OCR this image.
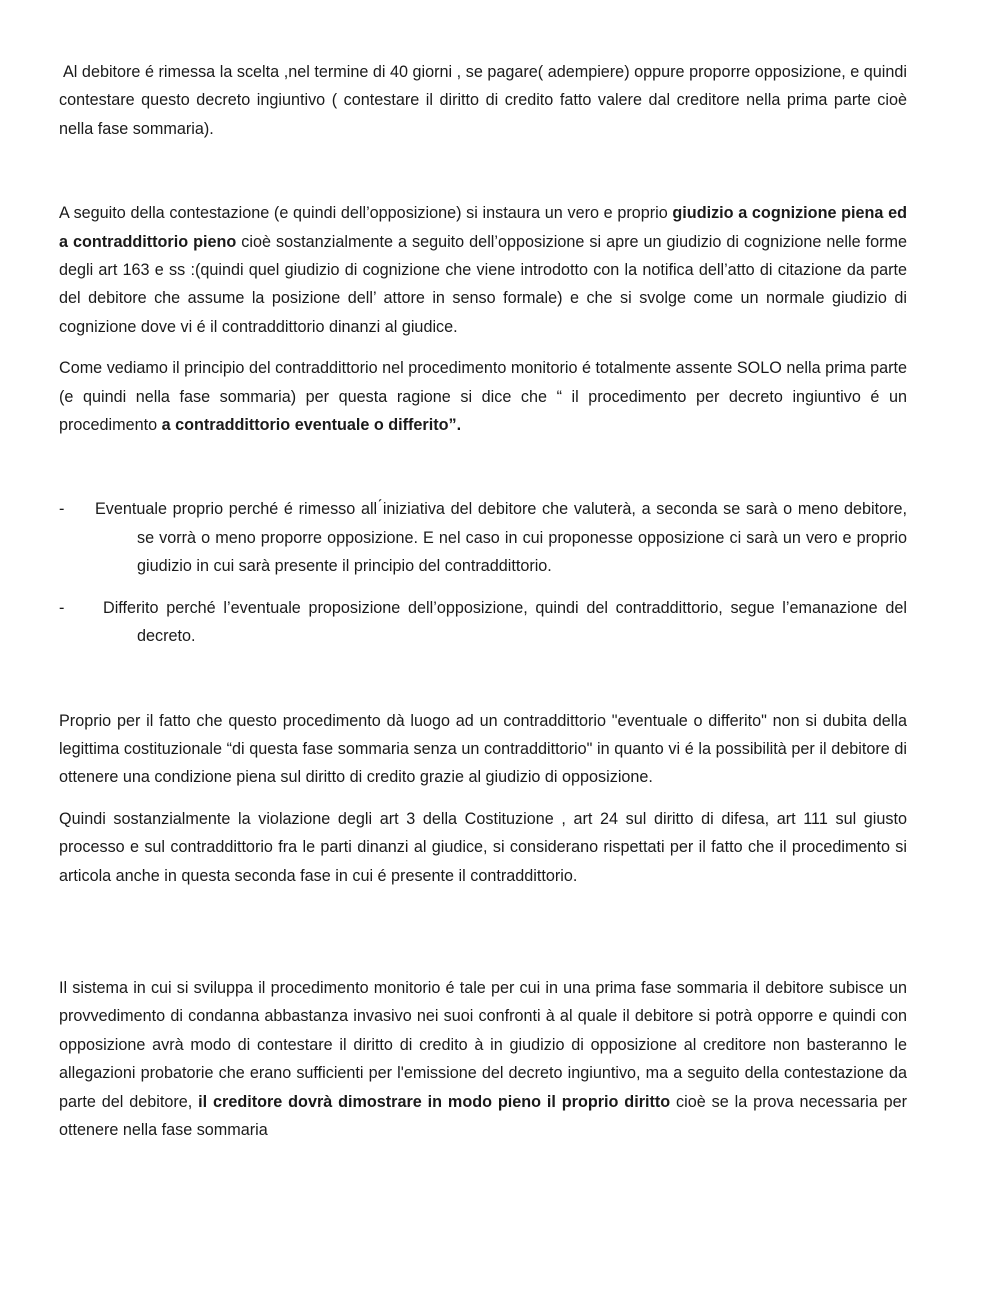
Al debitore é rimessa la scelta ,nel termine di 40 giorni , se pagare( adempiere) oppure proporre opposizione, e quindi contestare questo decreto ingiuntivo ( contestare il diritto di credito fatto valere dal creditore nella prima parte cioè nella fase sommaria).

A seguito della contestazione (e quindi dell’opposizione) si instaura un vero e proprio giudizio a cognizione piena ed a contraddittorio pieno cioè sostanzialmente a seguito dell’opposizione si apre un giudizio di cognizione nelle forme degli art 163 e ss :(quindi quel giudizio di cognizione che viene introdotto con la notifica dell’atto di citazione da parte del debitore che assume la posizione dell’ attore in senso formale) e che si svolge come un normale giudizio di cognizione dove vi é il contraddittorio dinanzi al giudice.

Come vediamo il principio del contraddittorio nel procedimento monitorio é totalmente assente SOLO nella prima parte (e quindi nella fase sommaria) per questa ragione si dice che “ il procedimento per decreto ingiuntivo é un procedimento a contraddittorio eventuale o differito”.

- Eventuale proprio perché é rimesso all ́iniziativa del debitore che valuterà, a seconda se sarà o meno debitore, se vorrà o meno proporre opposizione. E nel caso in cui proponesse opposizione ci sarà un vero e proprio giudizio in cui sarà presente il principio del contraddittorio.
- Differito perché l’eventuale proposizione dell’opposizione, quindi del contraddittorio, segue l’emanazione del decreto.

Proprio per il fatto che questo procedimento dà luogo ad un contraddittorio "eventuale o differito" non si dubita della legittima costituzionale “di questa fase sommaria senza un contraddittorio" in quanto vi é la possibilità per il debitore di ottenere una condizione piena sul diritto di credito grazie al giudizio di opposizione.

Quindi sostanzialmente la violazione degli art 3 della Costituzione , art 24 sul diritto di difesa, art 111 sul giusto processo e sul contraddittorio fra le parti dinanzi al giudice, si considerano rispettati per il fatto che il procedimento si articola anche in questa seconda fase in cui é presente il contraddittorio.

Il sistema in cui si sviluppa il procedimento monitorio é tale per cui in una prima fase sommaria il debitore subisce un provvedimento di condanna abbastanza invasivo nei suoi confronti à al quale il debitore si potrà opporre e quindi con opposizione avrà modo di contestare il diritto di credito à in giudizio di opposizione al creditore non basteranno le allegazioni probatorie che erano sufficienti per l'emissione del decreto ingiuntivo, ma a seguito della contestazione da parte del debitore, il creditore dovrà dimostrare in modo pieno il proprio diritto cioè se la prova necessaria per ottenere nella fase sommaria
